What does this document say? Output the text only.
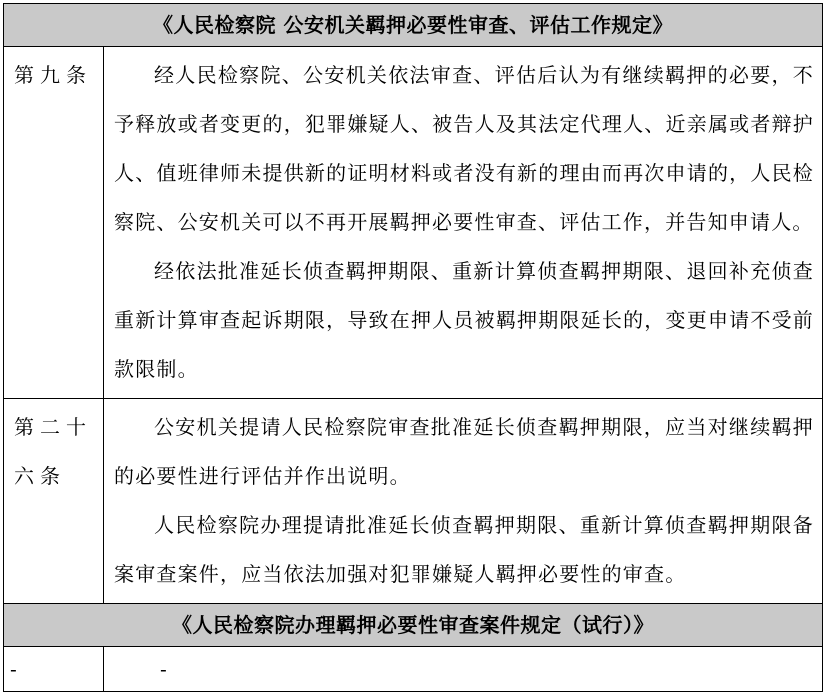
《人民检察院 公安机关羁押必要性审查、评估工作规定》	
第九条	经人民检察院、公安机关依法审查、评估后认为有继续羁押的必要，不予释放或者变更的，犯罪嫌疑人、被告人及其法定代理人、近亲属或者辩护人、值班律师未提供新的证明材料或者没有新的理由而再次申请的，人民检察院、公安机关可以不再开展羁押必要性审查、评估工作，并告知申请人。

经依法批准延长侦查羁押期限、重新计算侦查羁押期限、退回补充侦查重新计算审查起诉期限，导致在押人员被羁押期限延长的，变更申请不受前款限制。

第二十六条	公安机关提请人民检察院审查批准延长侦查羁押期限，应当对继续羁押的必要性进行评估并作出说明。

人民检察院办理提请批准延长侦查羁押期限、重新计算侦查羁押期限备案审查案件，应当依法加强对犯罪嫌疑人羁押必要性的审查。

《人民检察院办理羁押必要性审查案件规定（试行）》	
-	-
